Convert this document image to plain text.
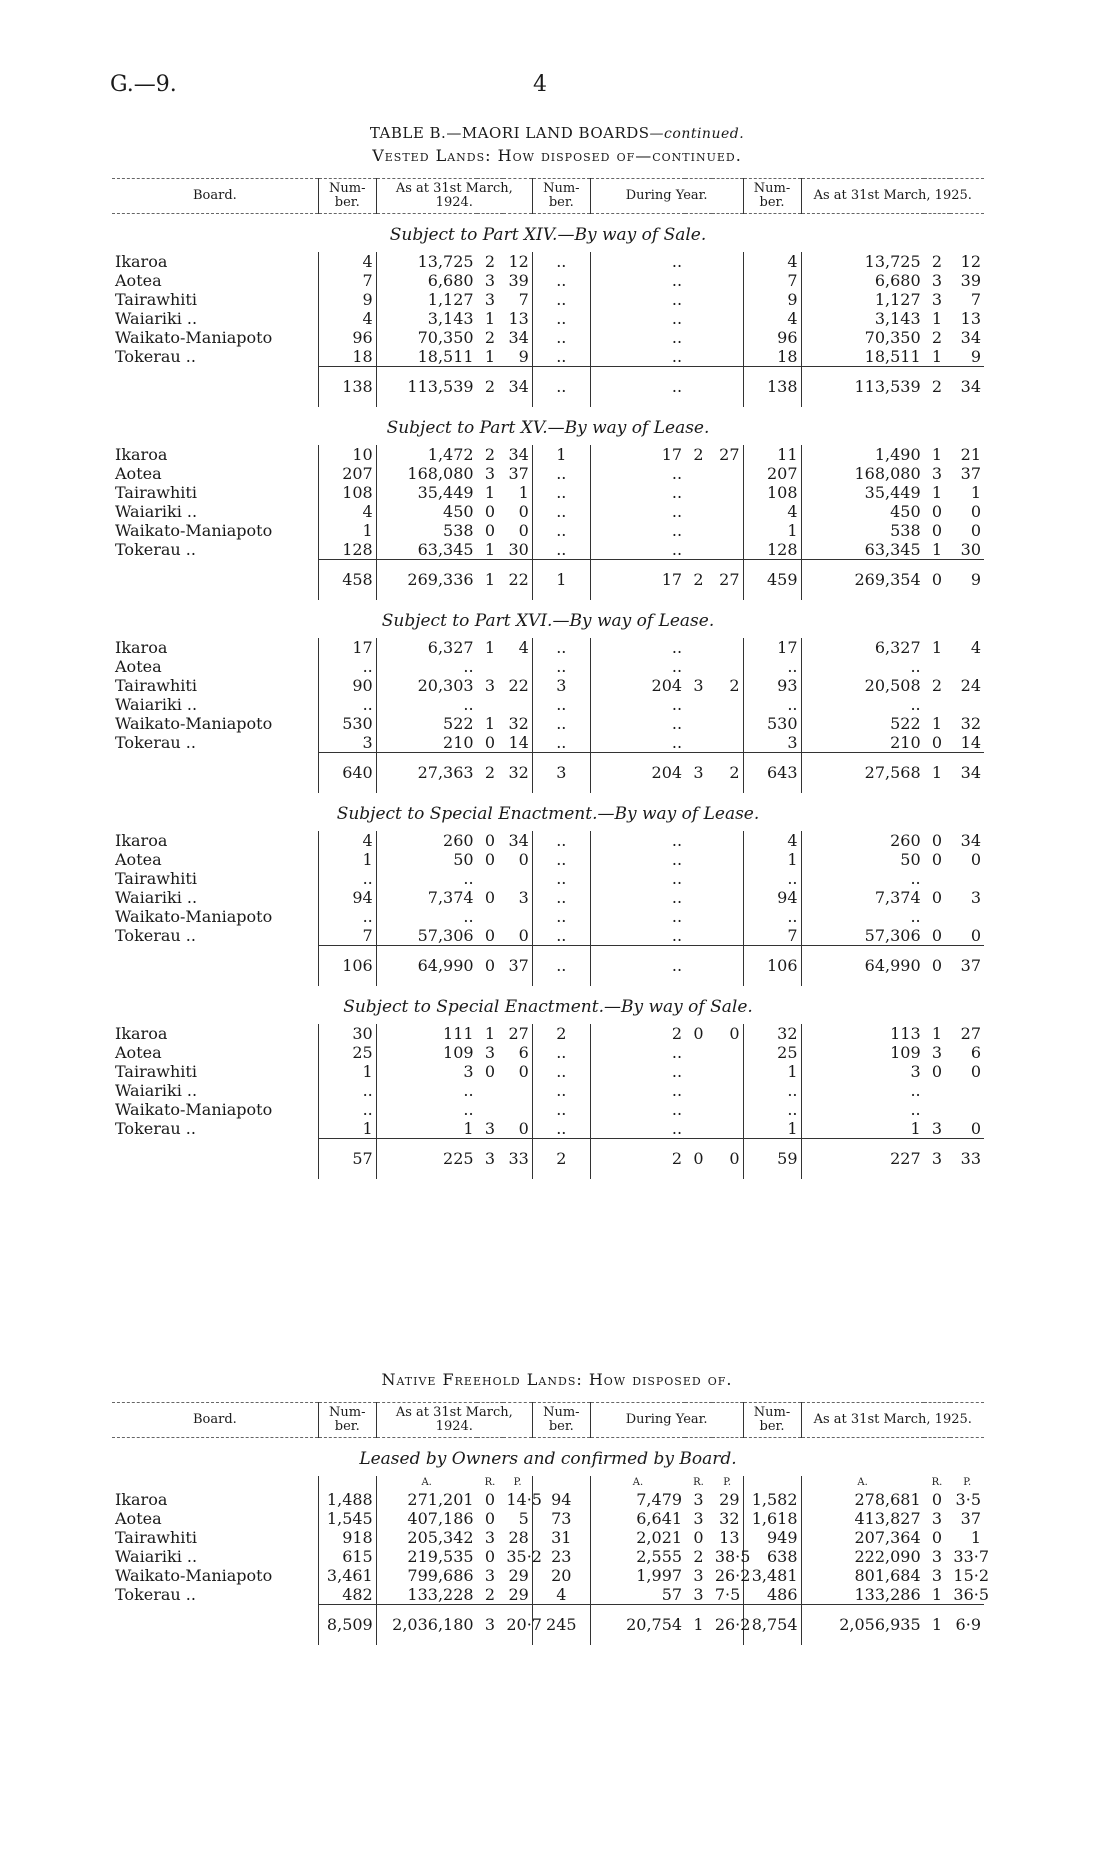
G.—9.	4
TABLE B.—MAORI LAND BOARDS—continued.
Vested Lands: How disposed of—continued.
Board.	Num-ber.	As at 31st March, 1924.			Num-ber.	During Year.			Num-ber.	As at 31st March, 1925.		
Subject to Part XIV.—By way of Sale.												
Ikaroa	4	13,725	2	12	..	..			4	13,725	2	12
Aotea	7	6,680	3	39	..	..			7	6,680	3	39
Tairawhiti	9	1,127	3	7	..	..			9	1,127	3	7
Waiariki ..	4	3,143	1	13	..	..			4	3,143	1	13
Waikato-Maniapoto	96	70,350	2	34	..	..			96	70,350	2	34
Tokerau ..	18	18,511	1	9	..	..			18	18,511	1	9
	138	113,539	2	34	..	..			138	113,539	2	34
Subject to Part XV.—By way of Lease.												
Ikaroa	10	1,472	2	34	1	17	2	27	11	1,490	1	21
Aotea	207	168,080	3	37	..	..			207	168,080	3	37
Tairawhiti	108	35,449	1	1	..	..			108	35,449	1	1
Waiariki ..	4	450	0	0	..	..			4	450	0	0
Waikato-Maniapoto	1	538	0	0	..	..			1	538	0	0
Tokerau ..	128	63,345	1	30	..	..			128	63,345	1	30
	458	269,336	1	22	1	17	2	27	459	269,354	0	9
Subject to Part XVI.—By way of Lease.												
Ikaroa	17	6,327	1	4	..	..			17	6,327	1	4
Aotea	..	..			..	..			..	..		
Tairawhiti	90	20,303	3	22	3	204	3	2	93	20,508	2	24
Waiariki ..	..	..			..	..			..	..		
Waikato-Maniapoto	530	522	1	32	..	..			530	522	1	32
Tokerau ..	3	210	0	14	..	..			3	210	0	14
	640	27,363	2	32	3	204	3	2	643	27,568	1	34
Subject to Special Enactment.—By way of Lease.												
Ikaroa	4	260	0	34	..	..			4	260	0	34
Aotea	1	50	0	0	..	..			1	50	0	0
Tairawhiti	..	..			..	..			..	..		
Waiariki ..	94	7,374	0	3	..	..			94	7,374	0	3
Waikato-Maniapoto	..	..			..	..			..	..		
Tokerau ..	7	57,306	0	0	..	..			7	57,306	0	0
	106	64,990	0	37	..	..			106	64,990	0	37
Subject to Special Enactment.—By way of Sale.												
Ikaroa	30	111	1	27	2	2	0	0	32	113	1	27
Aotea	25	109	3	6	..	..			25	109	3	6
Tairawhiti	1	3	0	0	..	..			1	3	0	0
Waiariki ..	..	..			..	..			..	..		
Waikato-Maniapoto	..	..			..	..			..	..		
Tokerau ..	1	1	3	0	..	..			1	1	3	0
	57	225	3	33	2	2	0	0	59	227	3	33
Native Freehold Lands: How disposed of.
Board.	Num-ber.	As at 31st March, 1924.			Num-ber.	During Year.			Num-ber.	As at 31st March, 1925.		
Leased by Owners and confirmed by Board.												
		A.	R.	P.		A.	R.	P.		A.	R.	P.
Ikaroa	1,488	271,201	0	14·5	94	7,479	3	29	1,582	278,681	0	3·5
Aotea	1,545	407,186	0	5	73	6,641	3	32	1,618	413,827	3	37
Tairawhiti	918	205,342	3	28	31	2,021	0	13	949	207,364	0	1
Waiariki ..	615	219,535	0	35·2	23	2,555	2	38·5	638	222,090	3	33·7
Waikato-Maniapoto	3,461	799,686	3	29	20	1,997	3	26·2	3,481	801,684	3	15·2
Tokerau ..	482	133,228	2	29	4	57	3	7·5	486	133,286	1	36·5
	8,509	2,036,180	3	20·7	245	20,754	1	26·2	8,754	2,056,935	1	6·9
